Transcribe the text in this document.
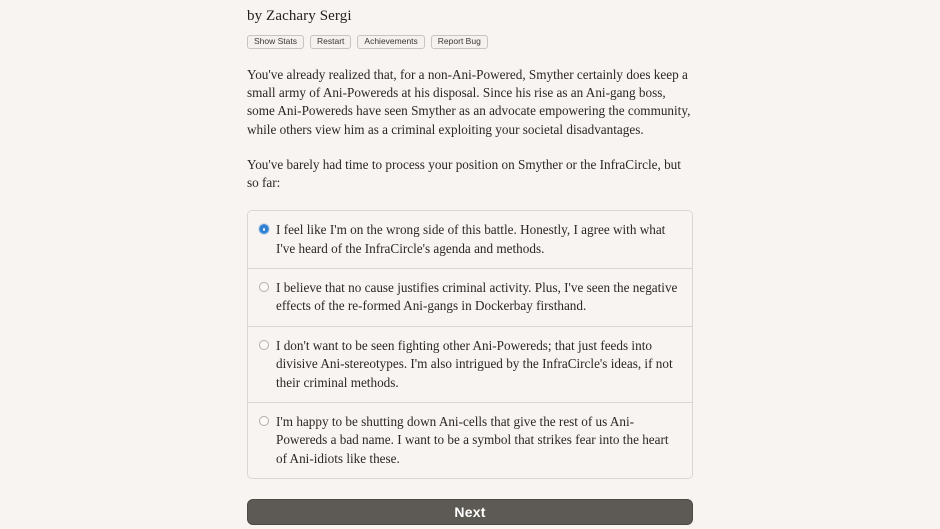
by Zachary Sergi

Show Stats	Restart	Achievements	Report Bug

You've already realized that, for a non-Ani-Powered, Smyther certainly does keep a small army of Ani-Powereds at his disposal. Since his rise as an Ani-gang boss, some Ani-Powereds have seen Smyther as an advocate empowering the community, while others view him as a criminal exploiting your societal disadvantages.

You've barely had time to process your position on Smyther or the InfraCircle, but so far:

I feel like I'm on the wrong side of this battle. Honestly, I agree with what I've heard of the InfraCircle's agenda and methods.
I believe that no cause justifies criminal activity. Plus, I've seen the negative effects of the re-formed Ani-gangs in Dockerbay firsthand.
I don't want to be seen fighting other Ani-Powereds; that just feeds into divisive Ani-stereotypes. I'm also intrigued by the InfraCircle's ideas, if not their criminal methods.
I'm happy to be shutting down Ani-cells that give the rest of us Ani-Powereds a bad name. I want to be a symbol that strikes fear into the heart of Ani-idiots like these.
Next
